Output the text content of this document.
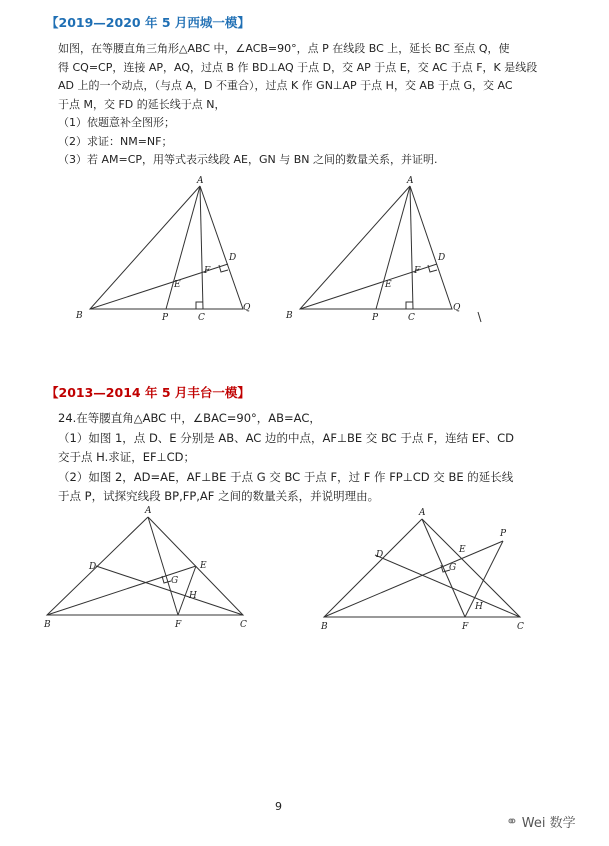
【2019—2020 年 5 月西城一模】
如图，在等腰直角三角形△ABC 中，∠ACB=90°，点 P 在线段 BC 上，延长 BC 至点 Q，使
得 CQ=CP，连接 AP，AQ，过点 B 作 BD⊥AQ 于点 D，交 AP 于点 E，交 AC 于点 F，K 是线段
AD 上的一个动点，（与点 A，D 不重合），过点 K 作 GN⊥AP 于点 H，交 AB 于点 G，交 AC
于点 M，交 FD 的延长线于点 N，
（1）依题意补全图形；
（2）求证：NM=NF；
（3）若 AM=CP，用等式表示线段 AE，GN 与 BN 之间的数量关系，并证明.
A
B	C
D
E
F
P
Q
A
B	C
D
E
F
P
Q
A
B	C
D	E
F
G
H
A
B	C
D	E
F
G
H
P
【2013—2014 年 5 月丰台一模】
24.在等腰直角△ABC 中，∠BAC=90°，AB=AC，
（1）如图 1，点 D、E 分别是 AB、AC 边的中点，AF⊥BE 交 BC 于点 F，连结 EF、CD
交于点 H.求证，EF⊥CD；
（2）如图 2，AD=AE，AF⊥BE 于点 G 交 BC 于点 F，过 F 作 FP⊥CD 交 BE 的延长线
于点 P，试探究线段 BP,FP,AF 之间的数量关系，并说明理由。
9
⚭ Wei 数学
